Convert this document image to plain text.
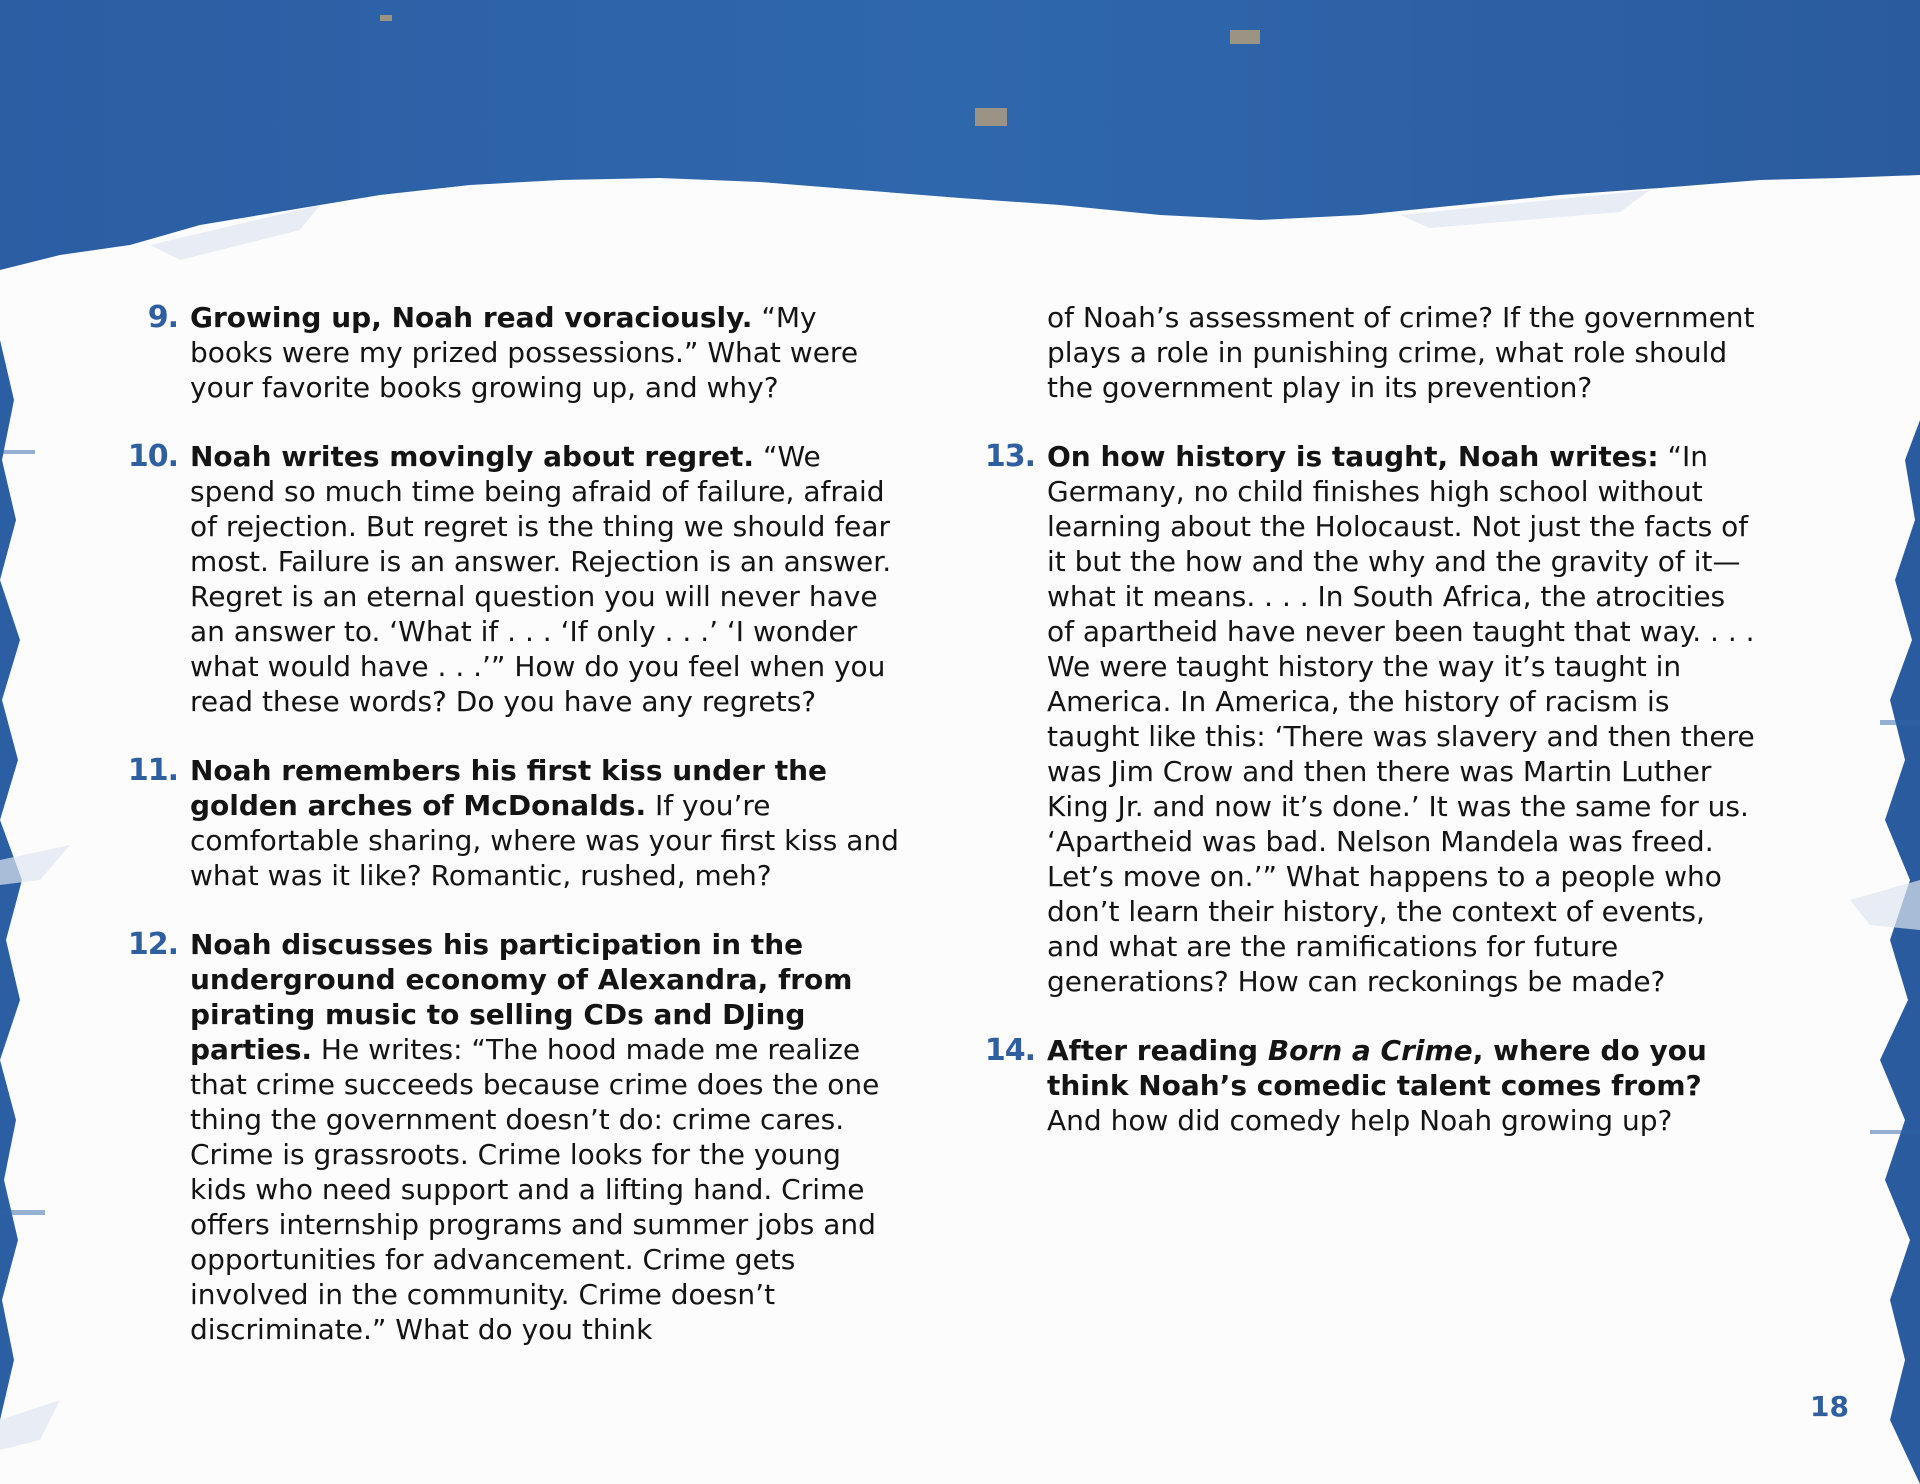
9. Growing up, Noah read voraciously. “My books were my prized possessions.” What were your favorite books growing up, and why?

10. Noah writes movingly about regret. “We spend so much time being afraid of failure, afraid of rejection. But regret is the thing we should fear most. Failure is an answer. Rejection is an answer. Regret is an eternal question you will never have an answer to. ‘What if . . . ‘If only . . .’ ‘I wonder what would have . . .’” How do you feel when you read these words? Do you have any regrets?

11. Noah remembers his first kiss under the golden arches of McDonalds. If you’re comfortable sharing, where was your first kiss and what was it like? Romantic, rushed, meh?

12. Noah discusses his participation in the underground economy of Alexandra, from pirating music to selling CDs and DJing parties. He writes: “The hood made me realize that crime succeeds because crime does the one thing the government doesn’t do: crime cares. Crime is grassroots. Crime looks for the young kids who need support and a lifting hand. Crime offers internship programs and summer jobs and opportunities for advancement. Crime gets involved in the community. Crime doesn’t discriminate.” What do you think

of Noah’s assessment of crime? If the government plays a role in punishing crime, what role should the government play in its prevention?

13. On how history is taught, Noah writes: “In Germany, no child finishes high school without learning about the Holocaust. Not just the facts of it but the how and the why and the gravity of it—what it means. . . . In South Africa, the atrocities of apartheid have never been taught that way. . . . We were taught history the way it’s taught in America. In America, the history of racism is taught like this: ‘There was slavery and then there was Jim Crow and then there was Martin Luther King Jr. and now it’s done.’ It was the same for us. ‘Apartheid was bad. Nelson Mandela was freed. Let’s move on.’” What happens to a people who don’t learn their history, the context of events, and what are the ramifications for future generations? How can reckonings be made?

14. After reading Born a Crime, where do you think Noah’s comedic talent comes from? And how did comedy help Noah growing up?

18
